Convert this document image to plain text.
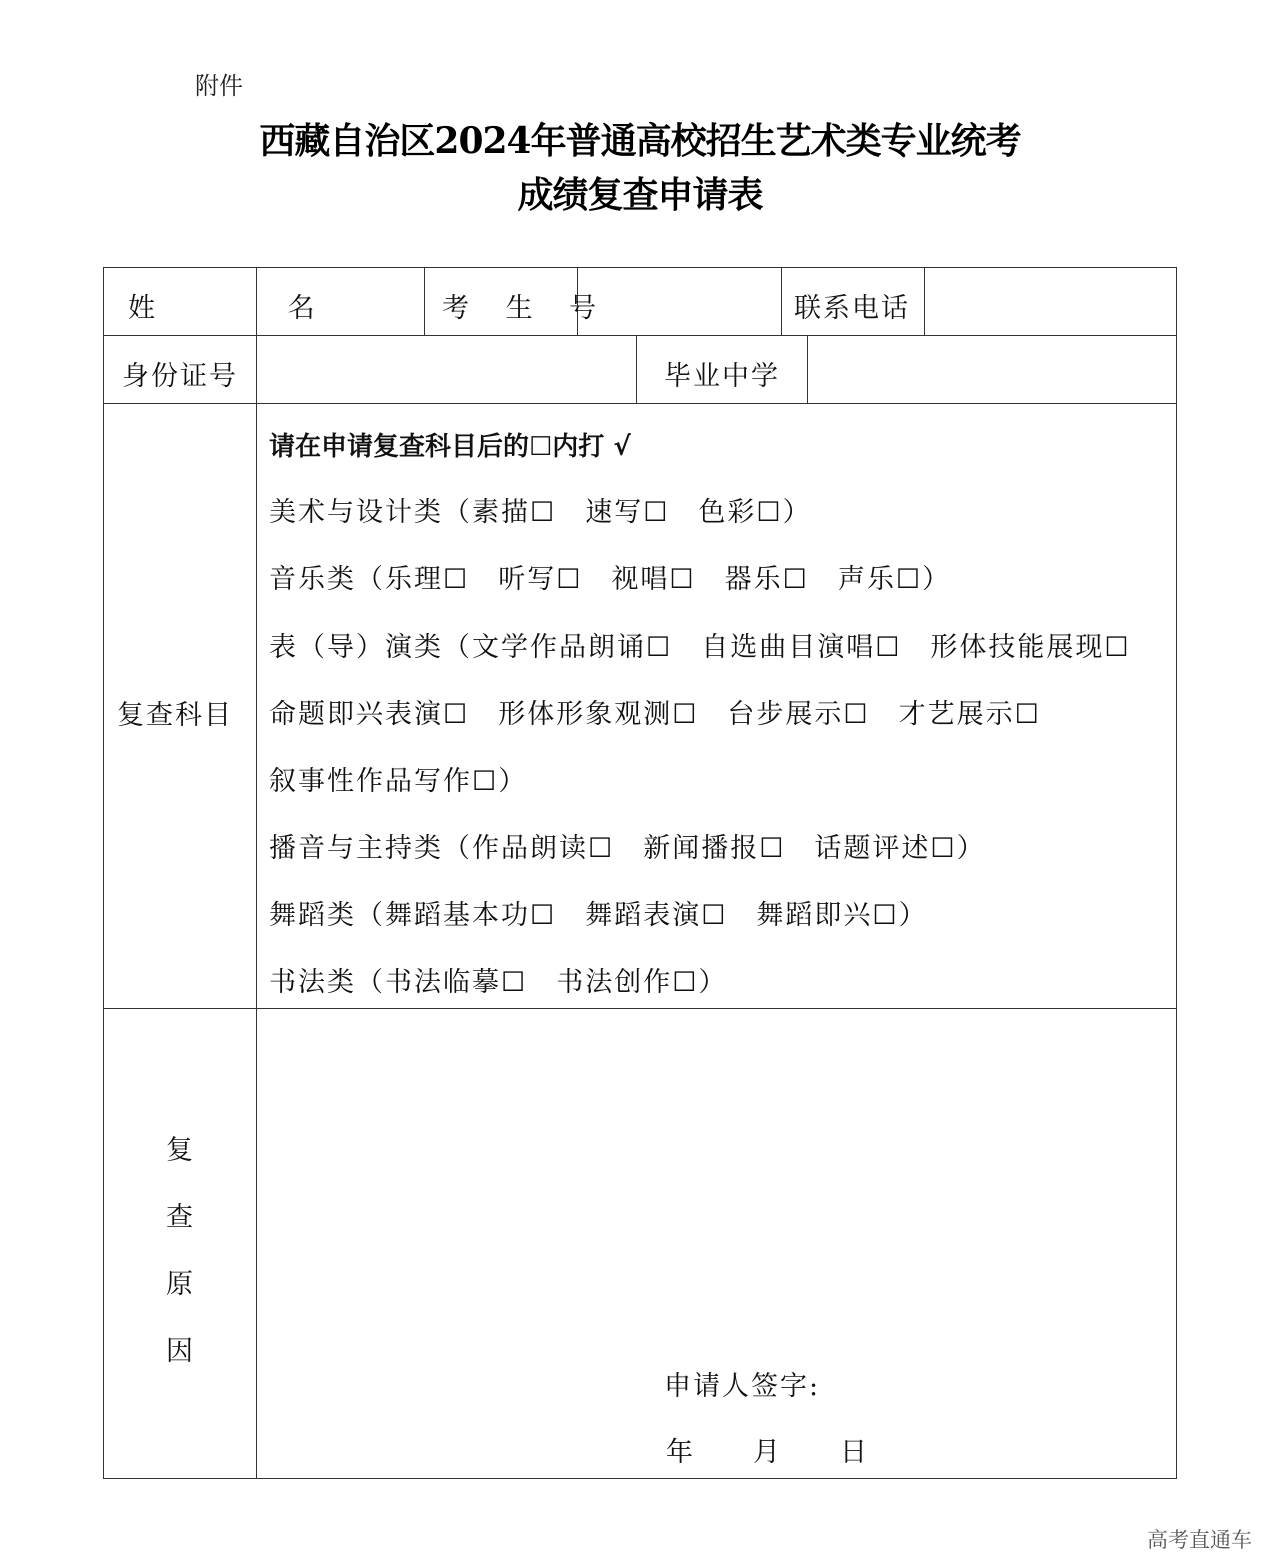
附件
西藏自治区2024年普通高校招生艺术类专业统考
成绩复查申请表
姓 名 考 生 号	联系电话
身份证号	毕业中学
复查科目
请在申请复查科目后的☐内打 √
美术与设计类（素描☐　速写☐　色彩☐）
音乐类（乐理☐　听写☐　视唱☐　器乐☐　声乐☐）
表（导）演类（文学作品朗诵☐　自选曲目演唱☐　形体技能展现☐
命题即兴表演☐　形体形象观测☐　台步展示☐　才艺展示☐
叙事性作品写作☐）
播音与主持类（作品朗读☐　新闻播报☐　话题评述☐）
舞蹈类（舞蹈基本功☐　舞蹈表演☐　舞蹈即兴☐）
书法类（书法临摹☐　书法创作☐）
复
查
原
因
申请人签字:
年　　月　　日
高考直通车
